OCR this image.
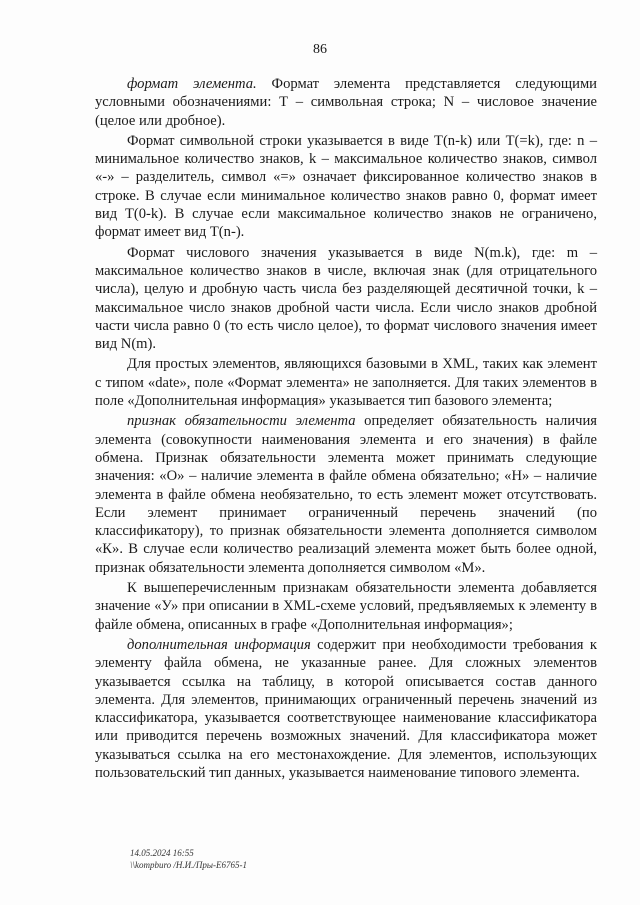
86

формат элемента. Формат элемента представляется следующими условными обозначениями: Т – символьная строка; N – числовое значение (целое или дробное).

Формат символьной строки указывается в виде T(n-k) или T(=k), где: n – минимальное количество знаков, k – максимальное количество знаков, символ «-» – разделитель, символ «=» означает фиксированное количество знаков в строке. В случае если минимальное количество знаков равно 0, формат имеет вид T(0-k). В случае если максимальное количество знаков не ограничено, формат имеет вид T(n-).

Формат числового значения указывается в виде N(m.k), где: m – максимальное количество знаков в числе, включая знак (для отрицательного числа), целую и дробную часть числа без разделяющей десятичной точки, k – максимальное число знаков дробной части числа. Если число знаков дробной части числа равно 0 (то есть число целое), то формат числового значения имеет вид N(m).

Для простых элементов, являющихся базовыми в XML, таких как элемент с типом «date», поле «Формат элемента» не заполняется. Для таких элементов в поле «Дополнительная информация» указывается тип базового элемента;

признак обязательности элемента определяет обязательность наличия элемента (совокупности наименования элемента и его значения) в файле обмена. Признак обязательности элемента может принимать следующие значения: «О» – наличие элемента в файле обмена обязательно; «Н» – наличие элемента в файле обмена необязательно, то есть элемент может отсутствовать. Если элемент принимает ограниченный перечень значений (по классификатору), то признак обязательности элемента дополняется символом «К». В случае если количество реализаций элемента может быть более одной, признак обязательности элемента дополняется символом «М».

К вышеперечисленным признакам обязательности элемента добавляется значение «У» при описании в XML-схеме условий, предъявляемых к элементу в файле обмена, описанных в графе «Дополнительная информация»;

дополнительная информация содержит при необходимости требования к элементу файла обмена, не указанные ранее. Для сложных элементов указывается ссылка на таблицу, в которой описывается состав данного элемента. Для элементов, принимающих ограниченный перечень значений из классификатора, указывается соответствующее наименование классификатора или приводится перечень возможных значений. Для классификатора может указываться ссылка на его местонахождение. Для элементов, использующих пользовательский тип данных, указывается наименование типового элемента.

14.05.2024 16:55
\\kompburo /Н.И./Пры-Е6765-1
